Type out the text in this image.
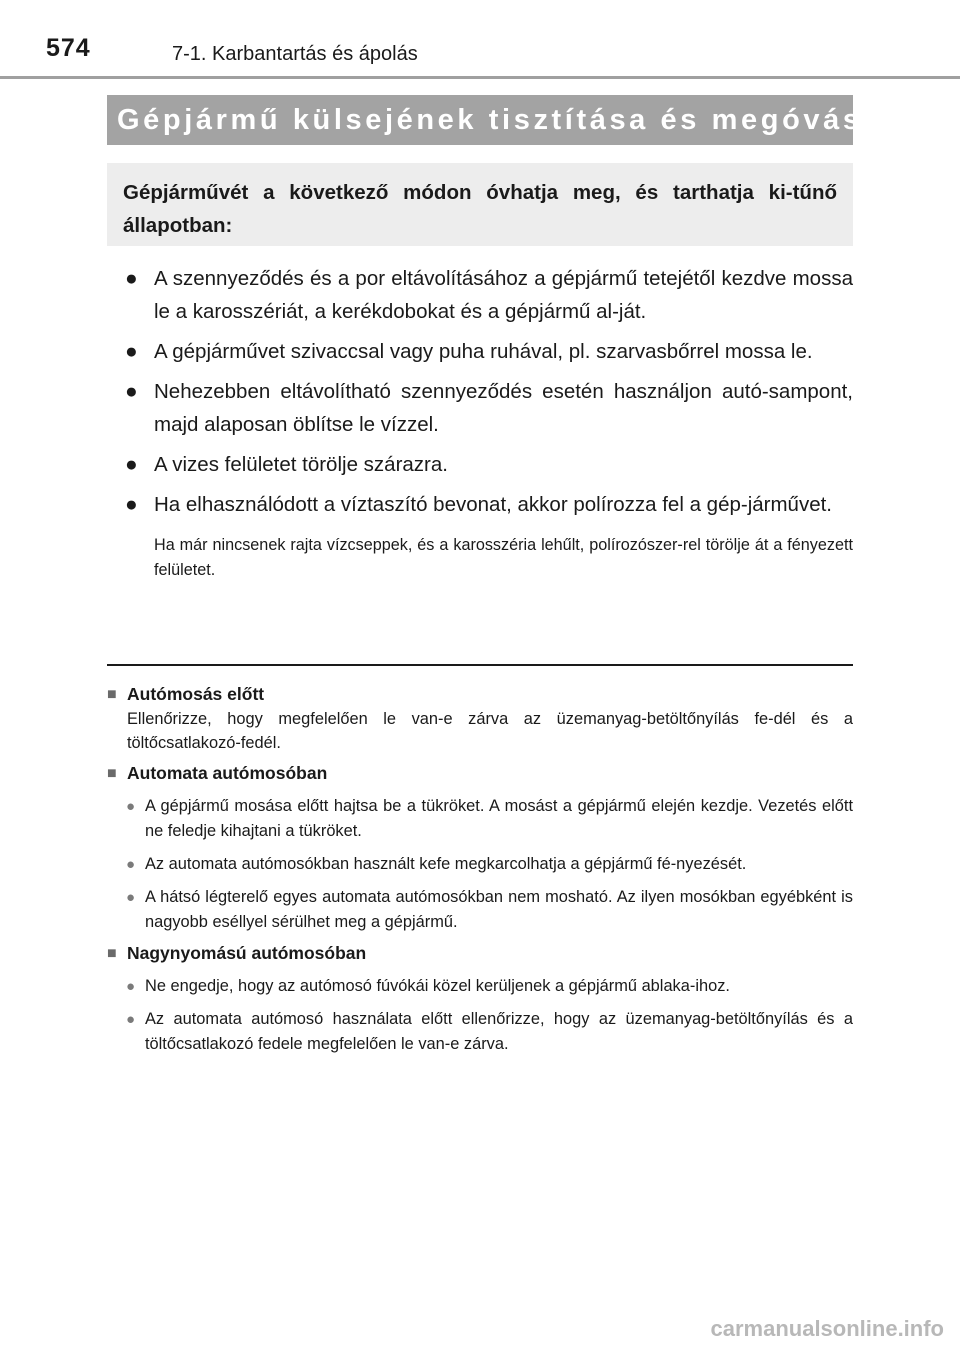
574	7-1. Karbantartás és ápolás
Gépjármű külsejének tisztítása és megóvása
Gépjárművét a következő módon óvhatja meg, és tarthatja ki-tűnő állapotban:
● A szennyeződés és a por eltávolításához a gépjármű tetejétől kezdve mossa le a karosszériát, a kerékdobokat és a gépjármű al-ját.
● A gépjárművet szivaccsal vagy puha ruhával, pl. szarvasbőrrel mossa le.
● Nehezebben eltávolítható szennyeződés esetén használjon autó-sampont, majd alaposan öblítse le vízzel.
● A vizes felületet törölje szárazra.
● Ha elhasználódott a víztaszító bevonat, akkor polírozza fel a gép-járművet.
Ha már nincsenek rajta vízcseppek, és a karosszéria lehűlt, polírozószer-rel törölje át a fényezett felületet.
■ Autómosás előtt
Ellenőrizze, hogy megfelelően le van-e zárva az üzemanyag-betöltőnyílás fe-dél és a töltőcsatlakozó-fedél.
■ Automata autómosóban
● A gépjármű mosása előtt hajtsa be a tükröket. A mosást a gépjármű elején kezdje. Vezetés előtt ne feledje kihajtani a tükröket.
● Az automata autómosókban használt kefe megkarcolhatja a gépjármű fé-nyezését.
● A hátsó légterelő egyes automata autómosókban nem mosható. Az ilyen mosókban egyébként is nagyobb eséllyel sérülhet meg a gépjármű.
■ Nagynyomású autómosóban
● Ne engedje, hogy az autómosó fúvókái közel kerüljenek a gépjármű ablaka-ihoz.
● Az automata autómosó használata előtt ellenőrizze, hogy az üzemanyag-betöltőnyílás és a töltőcsatlakozó fedele megfelelően le van-e zárva.
carmanualsonline.info
